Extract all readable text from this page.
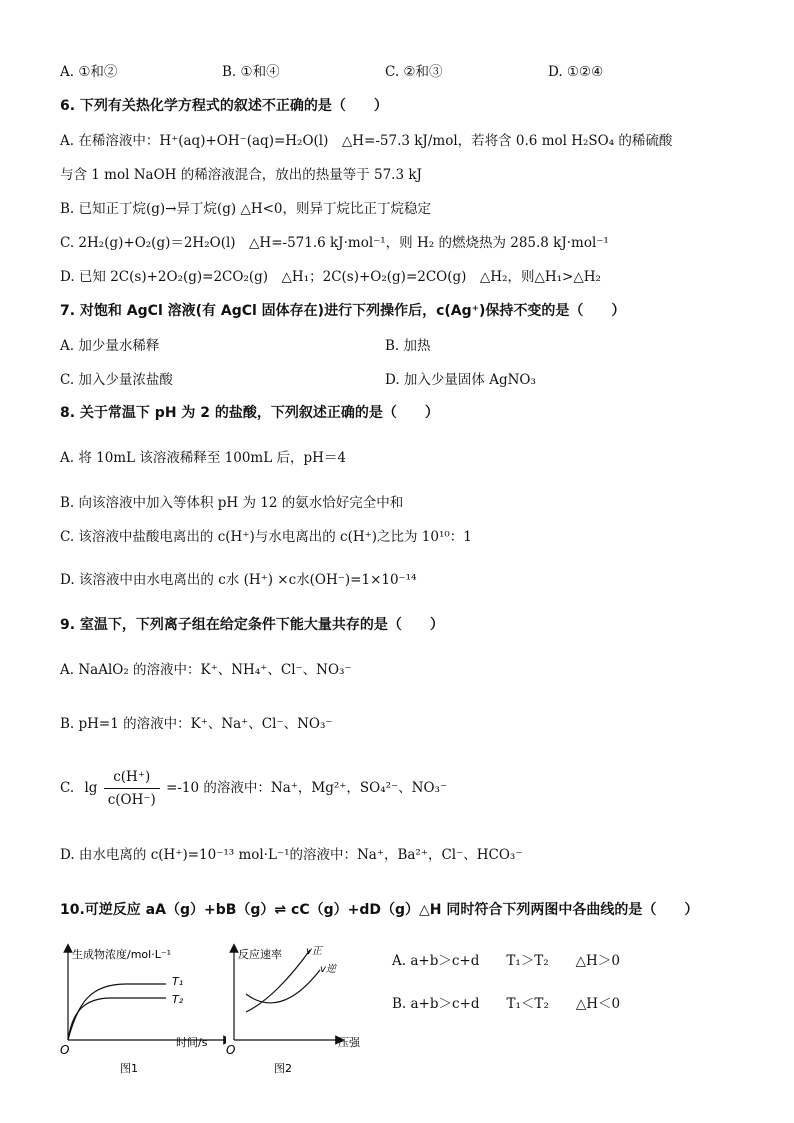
A. ①和②	B. ①和④	C. ②和③	D. ①②④
6. 下列有关热化学方程式的叙述不正确的是（　　）
A. 在稀溶液中：H⁺(aq)+OH⁻(aq)=H₂O(l)　△H=-57.3 kJ/mol，若将含 0.6 mol H₂SO₄ 的稀硫酸
与含 1 mol NaOH 的稀溶液混合，放出的热量等于 57.3 kJ
B. 已知正丁烷(g)→异丁烷(g) △H<0，则异丁烷比正丁烷稳定
C. 2H₂(g)+O₂(g)＝2H₂O(l)　△H=-571.6 kJ·mol⁻¹，则 H₂ 的燃烧热为 285.8 kJ·mol⁻¹
D. 已知 2C(s)+2O₂(g)=2CO₂(g)　△H₁；2C(s)+O₂(g)=2CO(g)　△H₂，则△H₁>△H₂
7. 对饱和 AgCl 溶液(有 AgCl 固体存在)进行下列操作后，c(Ag⁺)保持不变的是（　　）
A. 加少量水稀释	B. 加热
C. 加入少量浓盐酸	D. 加入少量固体 AgNO₃
8. 关于常温下 pH 为 2 的盐酸，下列叙述正确的是（　　）
A. 将 10mL 该溶液稀释至 100mL 后，pH＝4
B. 向该溶液中加入等体积 pH 为 12 的氨水恰好完全中和
C. 该溶液中盐酸电离出的 c(H⁺)与水电离出的 c(H⁺)之比为 10¹⁰：1
D. 该溶液中由水电离出的 c水 (H⁺) ×c水(OH⁻)=1×10⁻¹⁴
9. 室温下，下列离子组在给定条件下能大量共存的是（　　）
A. NaAlO₂ 的溶液中：K⁺、NH₄⁺、Cl⁻、NO₃⁻
B. pH=1 的溶液中：K⁺、Na⁺、Cl⁻、NO₃⁻
C. $\lg \frac{c(H^+)}{c(OH^-)} =-10$ 的溶液中：Na⁺，Mg²⁺，SO₄²⁻、NO₃⁻
D. 由水电离的 c(H⁺)=10⁻¹³ mol·L⁻¹的溶液中：Na⁺，Ba²⁺，Cl⁻、HCO₃⁻
10.可逆反应 aA（g）+bB（g）⇌ cC（g）+dD（g）△H 同时符合下列两图中各曲线的是（　　）
生成物浓度/mol·L⁻¹
T₁
T₂
O
时间/s
图1
反应速率 v正
v逆
O
压强
图2
A. a+b＞c+d　　T₁＞T₂　　△H＞0
B. a+b＞c+d　　T₁＜T₂　　△H＜0
